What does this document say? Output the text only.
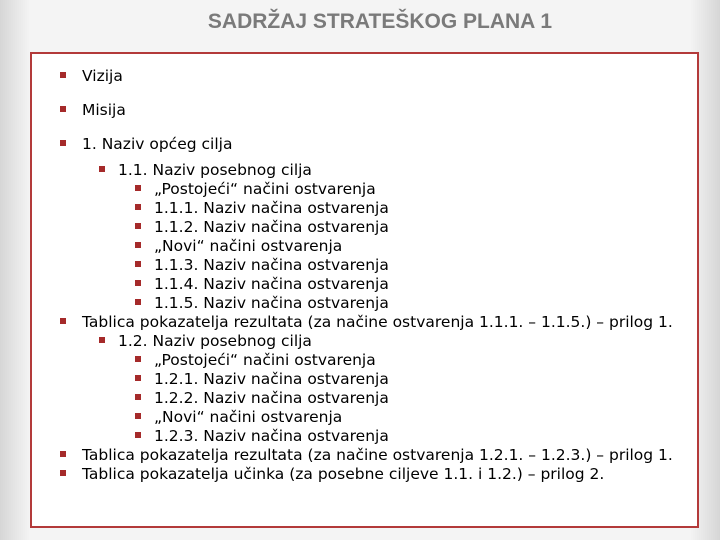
SADRŽAJ STRATEŠKOG PLANA 1
Vizija
Misija
1. Naziv općeg cilja
1.1. Naziv posebnog cilja
„Postojeći“ načini ostvarenja
1.1.1. Naziv načina ostvarenja
1.1.2. Naziv načina ostvarenja
„Novi“ načini ostvarenja
1.1.3. Naziv načina ostvarenja
1.1.4. Naziv načina ostvarenja
1.1.5. Naziv načina ostvarenja
Tablica pokazatelja rezultata (za načine ostvarenja 1.1.1. – 1.1.5.) – prilog 1.
1.2. Naziv posebnog cilja
„Postojeći“ načini ostvarenja
1.2.1. Naziv načina ostvarenja
1.2.2. Naziv načina ostvarenja
„Novi“ načini ostvarenja
1.2.3. Naziv načina ostvarenja
Tablica pokazatelja rezultata (za načine ostvarenja 1.2.1. – 1.2.3.) – prilog 1.
Tablica pokazatelja učinka (za posebne ciljeve 1.1. i 1.2.) – prilog 2.
